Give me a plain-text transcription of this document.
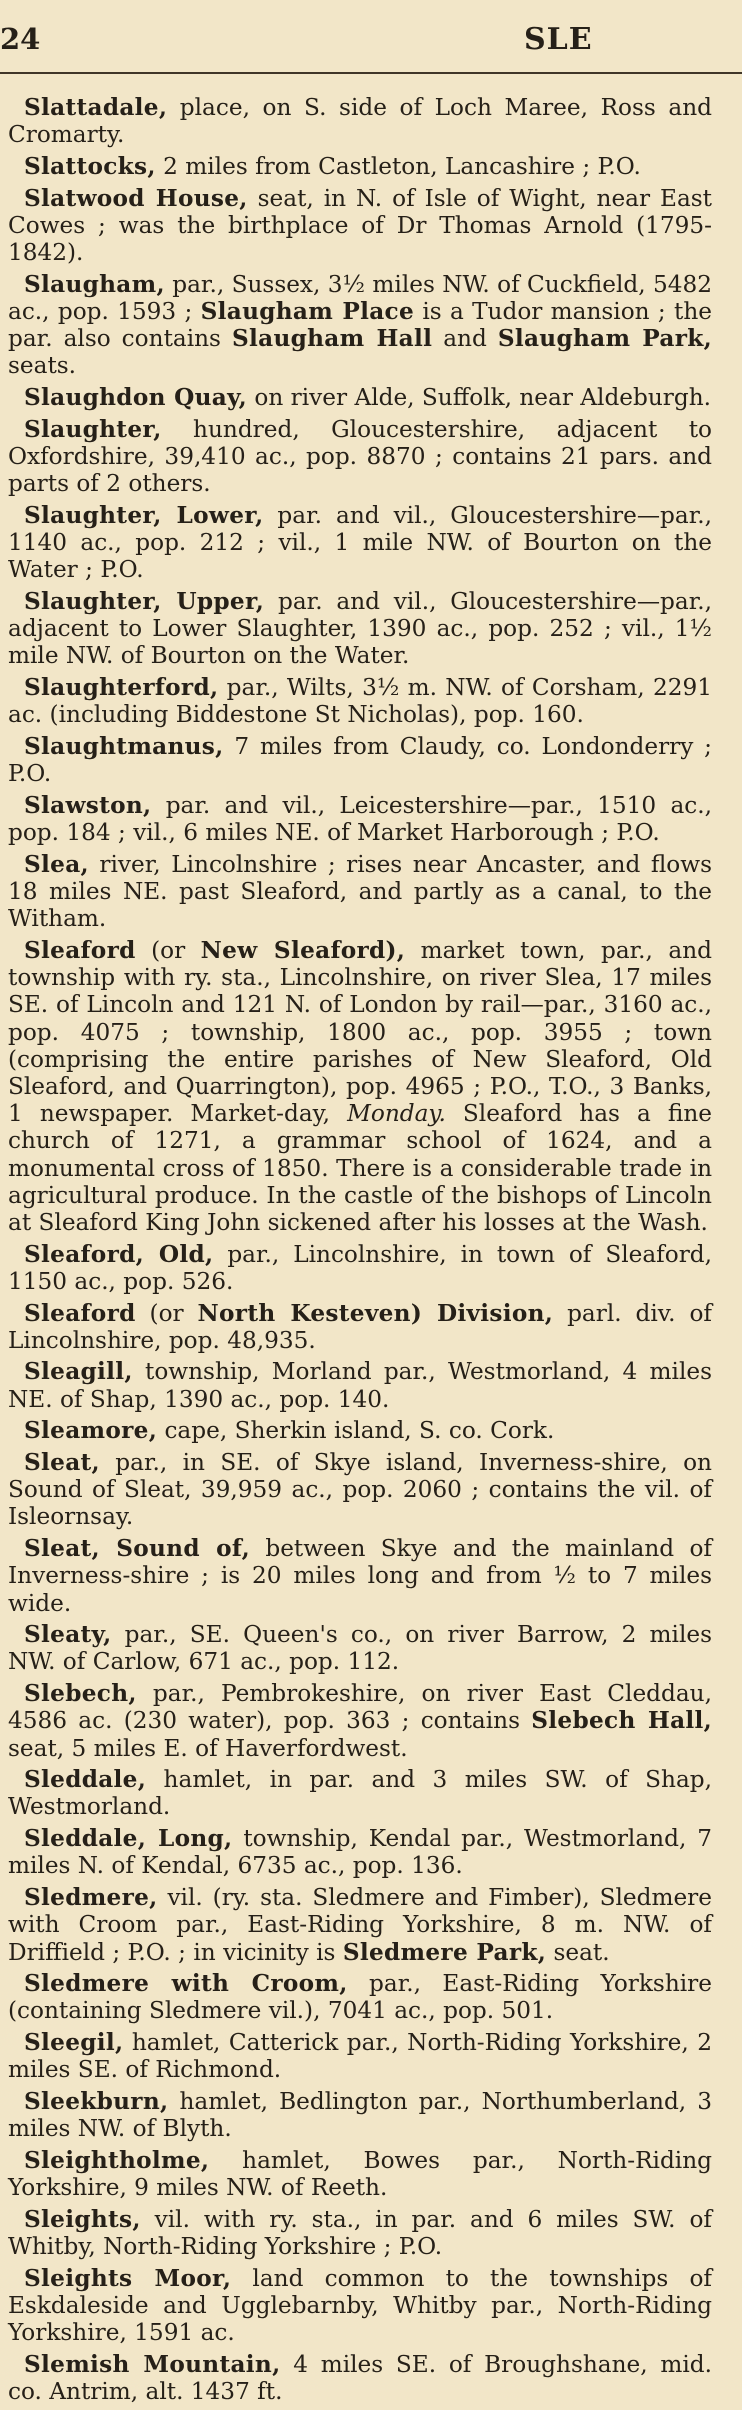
24	SLE

Slattadale, place, on S. side of Loch Maree, Ross and Cromarty.

Slattocks, 2 miles from Castleton, Lancashire ; P.O.

Slatwood House, seat, in N. of Isle of Wight, near East Cowes ; was the birthplace of Dr Thomas Arnold (1795-1842).

Slaugham, par., Sussex, 3½ miles NW. of Cuckfield, 5482 ac., pop. 1593 ; Slaugham Place is a Tudor mansion ; the par. also contains Slaugham Hall and Slaugham Park, seats.

Slaughdon Quay, on river Alde, Suffolk, near Aldeburgh.

Slaughter, hundred, Gloucestershire, adjacent to Oxfordshire, 39,410 ac., pop. 8870 ; contains 21 pars. and parts of 2 others.

Slaughter, Lower, par. and vil., Gloucestershire—par., 1140 ac., pop. 212 ; vil., 1 mile NW. of Bourton on the Water ; P.O.

Slaughter, Upper, par. and vil., Gloucestershire—par., adjacent to Lower Slaughter, 1390 ac., pop. 252 ; vil., 1½ mile NW. of Bourton on the Water.

Slaughterford, par., Wilts, 3½ m. NW. of Corsham, 2291 ac. (including Biddestone St Nicholas), pop. 160.

Slaughtmanus, 7 miles from Claudy, co. Londonderry ; P.O.

Slawston, par. and vil., Leicestershire—par., 1510 ac., pop. 184 ; vil., 6 miles NE. of Market Harborough ; P.O.

Slea, river, Lincolnshire ; rises near Ancaster, and flows 18 miles NE. past Sleaford, and partly as a canal, to the Witham.

Sleaford (or New Sleaford), market town, par., and township with ry. sta., Lincolnshire, on river Slea, 17 miles SE. of Lincoln and 121 N. of London by rail—par., 3160 ac., pop. 4075 ; township, 1800 ac., pop. 3955 ; town (comprising the entire parishes of New Sleaford, Old Sleaford, and Quarrington), pop. 4965 ; P.O., T.O., 3 Banks, 1 newspaper. Market-day, Monday. Sleaford has a fine church of 1271, a grammar school of 1624, and a monumental cross of 1850. There is a considerable trade in agricultural produce. In the castle of the bishops of Lincoln at Sleaford King John sickened after his losses at the Wash.

Sleaford, Old, par., Lincolnshire, in town of Sleaford, 1150 ac., pop. 526.

Sleaford (or North Kesteven) Division, parl. div. of Lincolnshire, pop. 48,935.

Sleagill, township, Morland par., Westmorland, 4 miles NE. of Shap, 1390 ac., pop. 140.

Sleamore, cape, Sherkin island, S. co. Cork.

Sleat, par., in SE. of Skye island, Inverness-shire, on Sound of Sleat, 39,959 ac., pop. 2060 ; contains the vil. of Isleornsay.

Sleat, Sound of, between Skye and the mainland of Inverness-shire ; is 20 miles long and from ½ to 7 miles wide.

Sleaty, par., SE. Queen's co., on river Barrow, 2 miles NW. of Carlow, 671 ac., pop. 112.

Slebech, par., Pembrokeshire, on river East Cleddau, 4586 ac. (230 water), pop. 363 ; contains Slebech Hall, seat, 5 miles E. of Haverfordwest.

Sleddale, hamlet, in par. and 3 miles SW. of Shap, Westmorland.

Sleddale, Long, township, Kendal par., Westmorland, 7 miles N. of Kendal, 6735 ac., pop. 136.

Sledmere, vil. (ry. sta. Sledmere and Fimber), Sledmere with Croom par., East-Riding Yorkshire, 8 m. NW. of Driffield ; P.O. ; in vicinity is Sledmere Park, seat.

Sledmere with Croom, par., East-Riding Yorkshire (containing Sledmere vil.), 7041 ac., pop. 501.

Sleegil, hamlet, Catterick par., North-Riding Yorkshire, 2 miles SE. of Richmond.

Sleekburn, hamlet, Bedlington par., Northumberland, 3 miles NW. of Blyth.

Sleightholme, hamlet, Bowes par., North-Riding Yorkshire, 9 miles NW. of Reeth.

Sleights, vil. with ry. sta., in par. and 6 miles SW. of Whitby, North-Riding Yorkshire ; P.O.

Sleights Moor, land common to the townships of Eskdaleside and Ugglebarnby, Whitby par., North-Riding Yorkshire, 1591 ac.

Slemish Mountain, 4 miles SE. of Broughshane, mid. co. Antrim, alt. 1437 ft.
